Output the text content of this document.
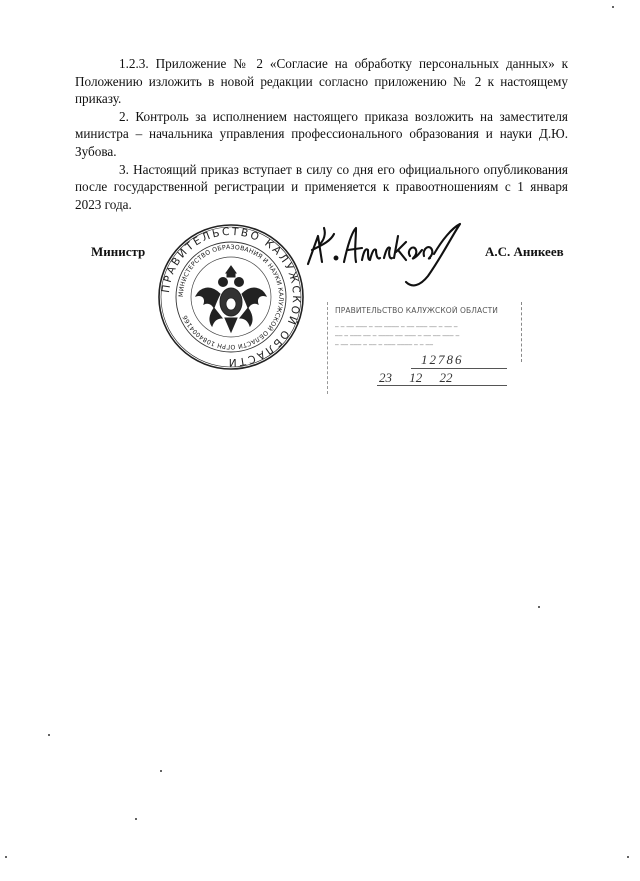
1.2.3. Приложение № 2 «Согласие на обработку персональных данных» к Положению изложить в новой редакции согласно приложению № 2 к настоящему приказу.

2. Контроль за исполнением настоящего приказа возложить на заместителя министра – начальника управления профессионального образования и науки Д.Ю. Зубова.

3. Настоящий приказ вступает в силу со дня его официального опубликования после государственной регистрации и применяется к правоотношениям с 1 января 2023 года.

Министр	А.С. Аникеев
ПРАВИТЕЛЬСТВО КАЛУЖСКОЙ ОБЛАСТИ
МИНИСТЕРСТВО ОБРАЗОВАНИЯ И НАУКИ КАЛУЖСКОЙ ОБЛАСТИ ОГРН 1084004166
ПРАВИТЕЛЬСТВО КАЛУЖСКОЙ ОБЛАСТИ
─ ─ ── ─── ─ ── ──── ─ ── ─── ── ─ ── ─
── ─ ─── ── ─ ──── ── ─── ─ ── ── ─── ─
─ ── ─── ─ ── ─ ─── ──── ─ ─ ──
12786
23 12 22
